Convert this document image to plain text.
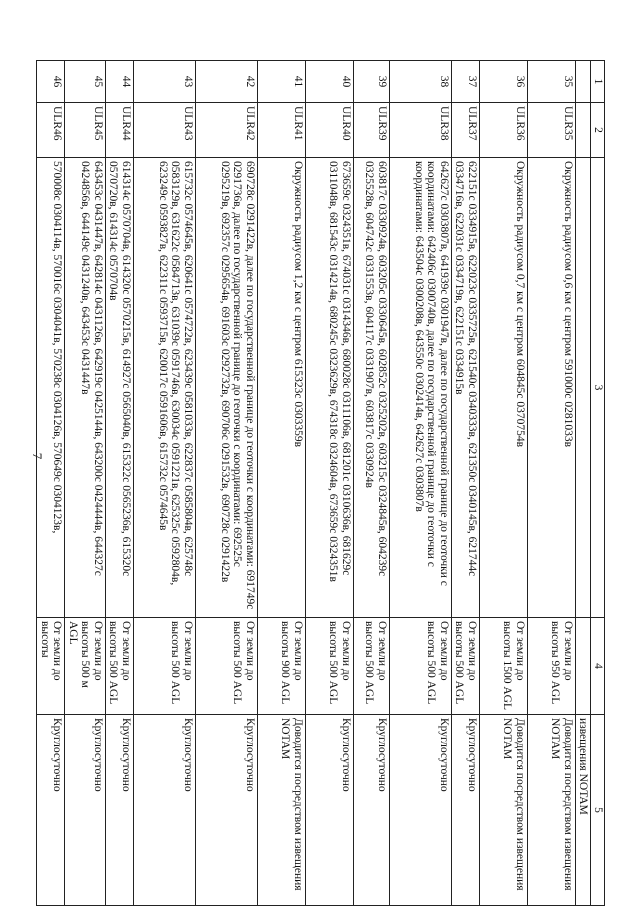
7
1	2	3	4	5
				извещения NOTAM
35	ULR35	Окружность радиусом 0,6 км с центром 591000с 0281033в	От земли до высоты 950 AGL	Доводится посредством извещения NOTAM
36	ULR36	Окружность радиусом 0,7 км с центром 604845с 0370754в	От земли до высоты 1500 AGL	Доводится посредством извещения NOTAM
37	ULR37	622151с 0334915в, 622023с 0335725в, 621540с 0340333в, 621350с 0340145в, 621744с 0334716в, 622031с 0334719в, 622151с 0334915в	От земли до высоты 500 AGL	Круглосуточно
38	ULR38	642627с 0303807в, 641939с 0301947в, далее по государственной границе до геоточки с координатами: 642406с 0300740в, далее по государственной границе до геоточки с координатами: 643504с 0300208в, 643550с 0302414в, 642627с 0303807в	От земли до высоты 500 AGL	Круглосуточно
39	ULR39	603817с 0330924в, 603205с 0330645в, 602852с 0325202в, 603215с 0324845в, 604239с 0325528в, 604742с 0331553в, 604117с 0331907в, 603817с 0330924в	От земли до высоты 500 AGL	Круглосуточно
40	ULR40	673659с 0324351в, 674031с 0314346в, 680028с 0311106в, 681201с 0310636в, 681629с 0311048в, 681543с 0314214в, 680245с 0323629в, 674318с 0324604в, 673659с 0324351в	От земли до высоты 500 AGL	Круглосуточно
41	ULR41	Окружность радиусом 1,2 км с центром 615323с 0303359в	От земли до высоты 900 AGL	Доводится посредством извещения NOTAM
42	ULR42	690728с 0291422в, далее по государственной границе до геоточки с координатами: 691749с 0291736в, далее по государственной границе до геоточки с координатами: 692525с 0295219в, 692357с 0295654в, 691603с 0292732в, 690706с 0291532в, 690728с 0291422в	От земли до высоты 500 AGL	Круглосуточно
43	ULR43	615732с 0574645в, 620641с 0574722в, 623439с 0581033в, 622837с 0585804в, 625748с 0583129в, 631622с 0584713в, 631039с 0591746в, 630034с 0591221в, 625325с 0592804в, 623249с 0593827в, 622311с 0593715в, 620017с 0591606в, 615732с 0574645в	От земли до высоты 500 AGL	Круглосуточно
44	ULR44	614314с 0570704в, 614320с 0570215в, 614927с 0565040в, 615322с 0565236в, 615320с 0570720в, 614314с 0570704в	От земли до высоты 500 AGL	Круглосуточно
45	ULR45	643453с 0431447в, 642814с 0431126в, 642919с 0425144в, 643200с 0424444в, 644327с 0424856в, 644149с 0431240в, 643453с 0431447в	От земли до высоты 500 м AGL	Круглосуточно
46	ULR46	570008с 0304114в, 570016с 0304041в, 570238с 0304126в, 570649с 0304123в,	От земли до высоты	Круглосуточно
